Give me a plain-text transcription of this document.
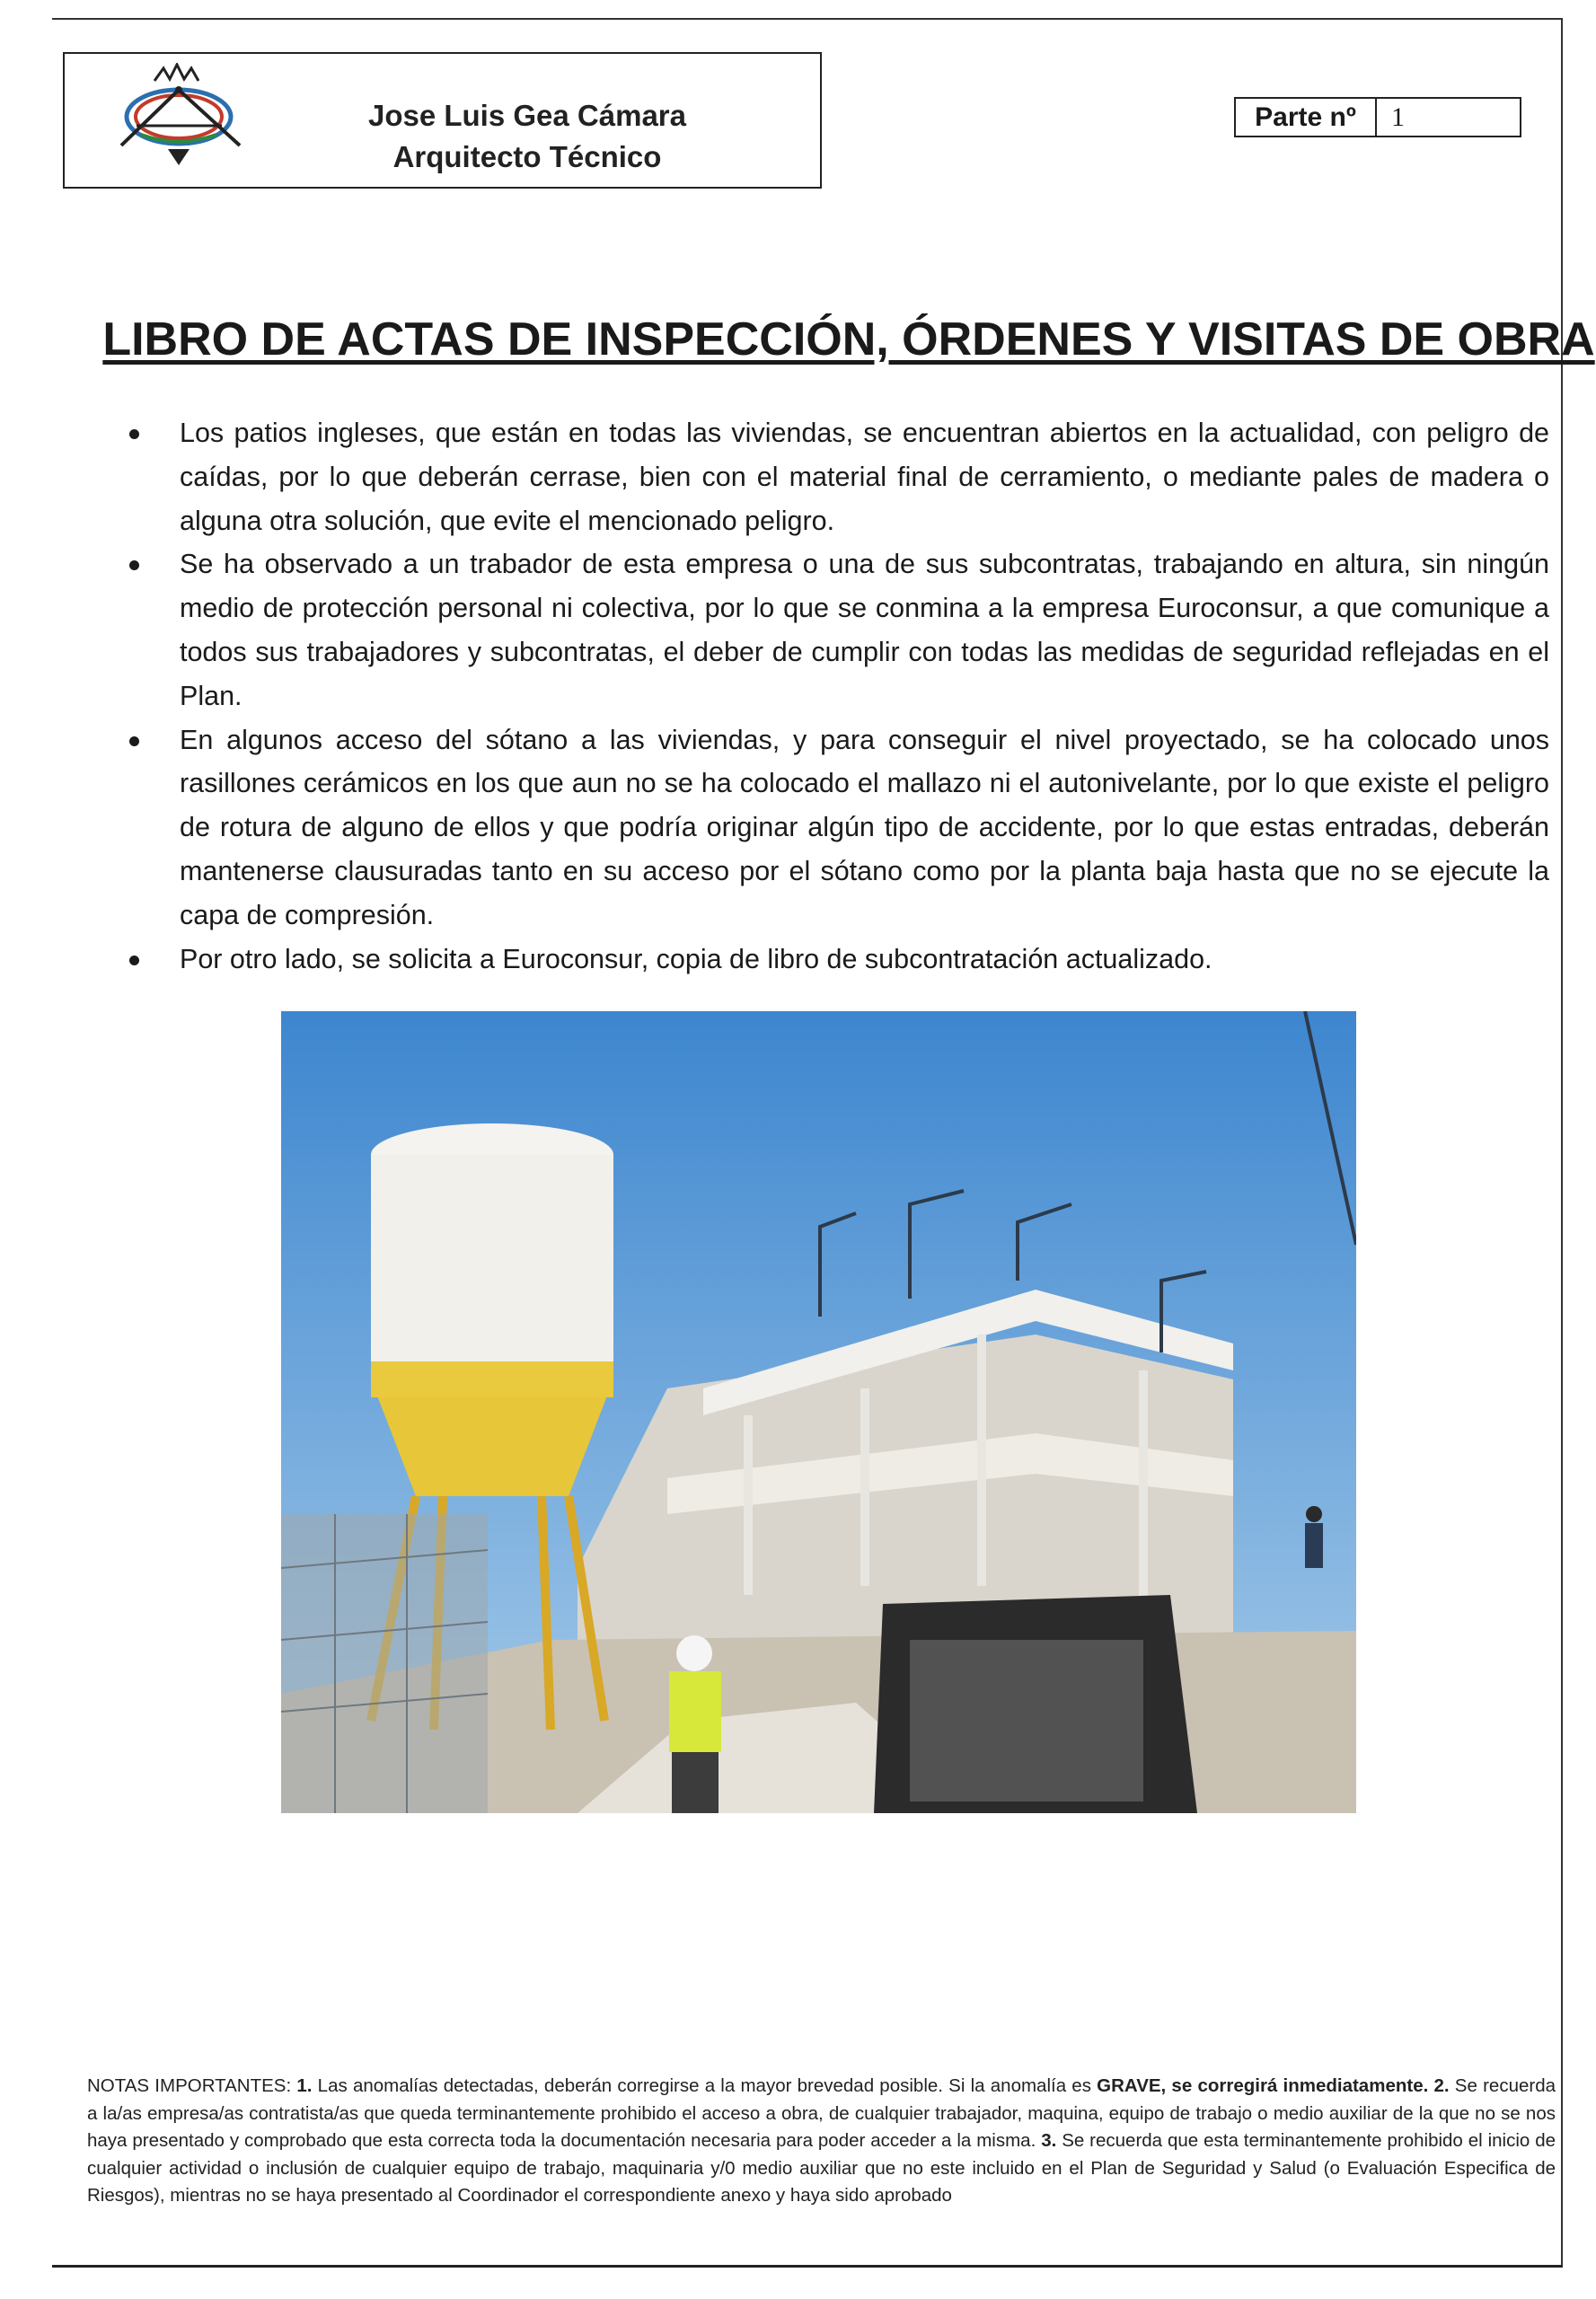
Jose Luis Gea Cámara
Arquitecto Técnico
Parte nº	1
LIBRO DE ACTAS DE INSPECCIÓN, ÓRDENES Y VISITAS DE OBRA
Los patios ingleses, que están en todas las viviendas, se encuentran abiertos en la actualidad, con peligro de caídas, por lo que deberán cerrase, bien con el material final de cerramiento, o mediante pales de madera o alguna otra solución, que evite el mencionado peligro.
Se ha observado a un trabador de esta empresa o una de sus subcontratas, trabajando en altura, sin ningún medio de protección personal ni colectiva, por lo que se conmina a la empresa Euroconsur, a que comunique a todos sus trabajadores y subcontratas, el deber de cumplir con todas las medidas de seguridad reflejadas en el Plan.
En algunos acceso del sótano a las viviendas, y para conseguir el nivel proyectado, se ha colocado unos rasillones cerámicos en los que aun no se ha colocado el mallazo ni el autonivelante, por lo que existe el peligro de rotura de alguno de ellos y que podría originar algún tipo de accidente, por lo que estas entradas, deberán mantenerse clausuradas tanto en su acceso por el sótano como por la planta baja hasta que no se ejecute la capa de compresión.
Por otro lado, se solicita a Euroconsur, copia de libro de subcontratación actualizado.
NOTAS IMPORTANTES: 1. Las anomalías detectadas, deberán corregirse a la mayor brevedad posible. Si la anomalía es GRAVE, se corregirá inmediatamente. 2. Se recuerda a la/as empresa/as contratista/as que queda terminantemente prohibido el acceso a obra, de cualquier trabajador, maquina, equipo de trabajo o medio auxiliar de la que no se nos haya presentado y comprobado que esta correcta toda la documentación necesaria para poder acceder a la misma. 3. Se recuerda que esta terminantemente prohibido el inicio de cualquier actividad o inclusión de cualquier equipo de trabajo, maquinaria y/0 medio auxiliar que no este incluido en el Plan de Seguridad y Salud (o Evaluación Especifica de Riesgos), mientras no se haya presentado al Coordinador el correspondiente anexo y haya sido aprobado
